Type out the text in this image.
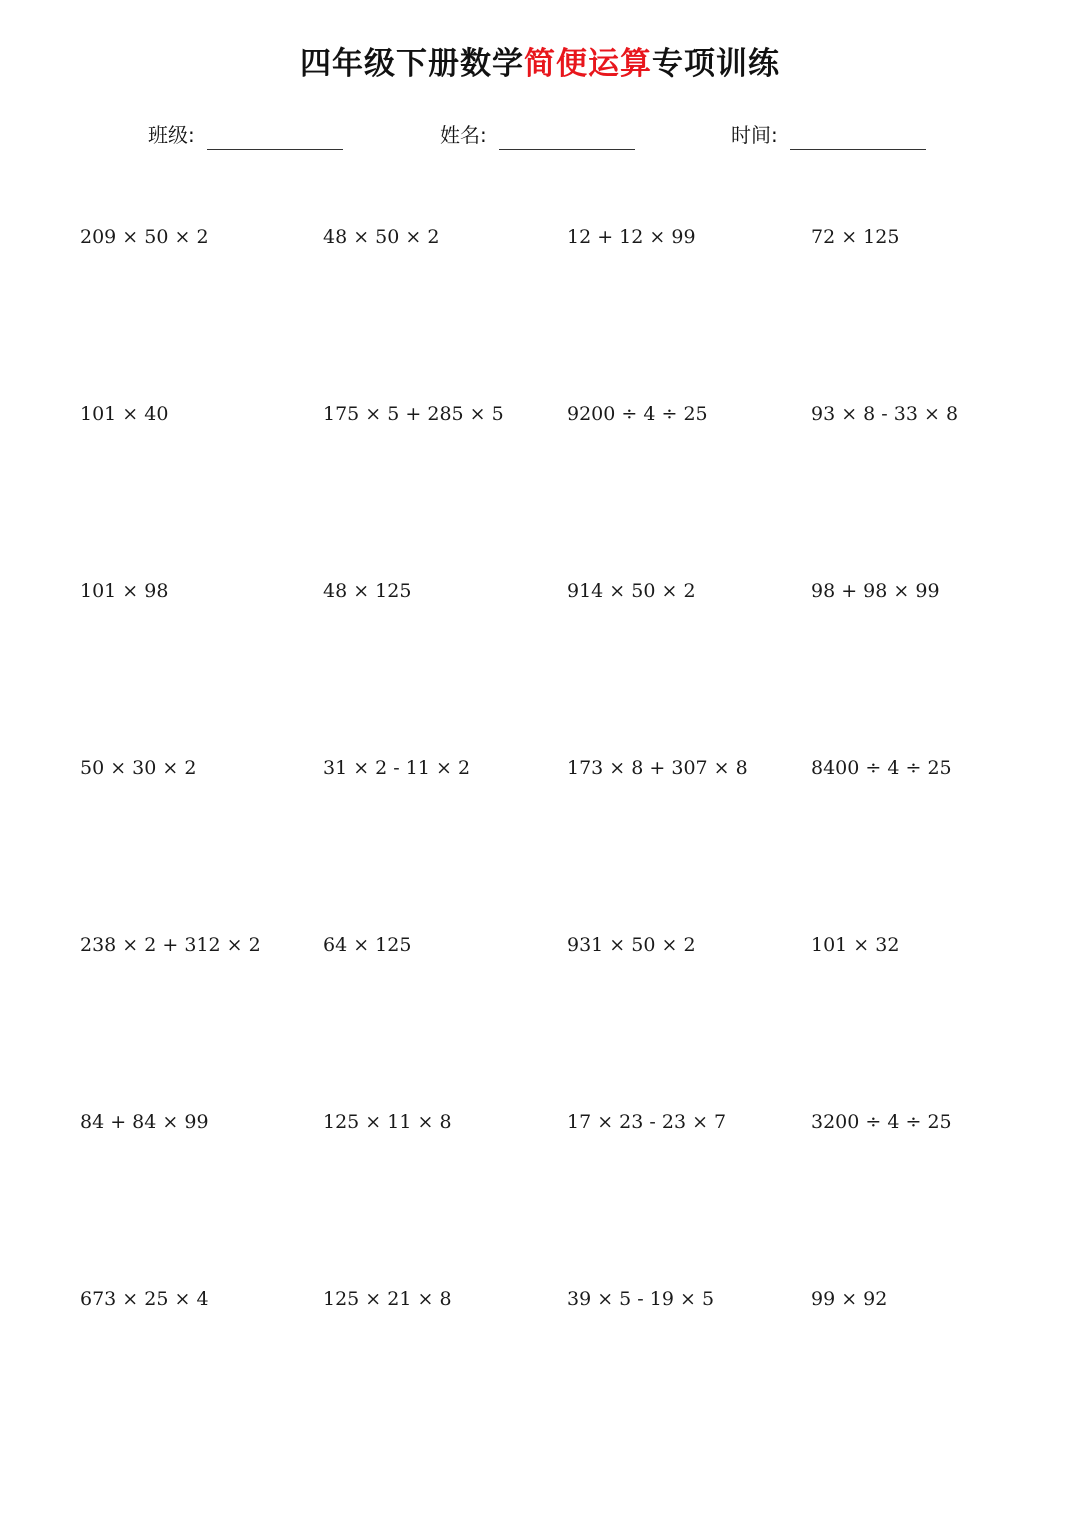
四年级下册数学简便运算专项训练
班级:	姓名:	时间:
209 × 50 × 2	48 × 50 × 2	12 + 12 × 99	72 × 125
101 × 40	175 × 5 + 285 × 5	9200 ÷ 4 ÷ 25	93 × 8 - 33 × 8
101 × 98	48 × 125	914 × 50 × 2	98 + 98 × 99
50 × 30 × 2	31 × 2 - 11 × 2	173 × 8 + 307 × 8	8400 ÷ 4 ÷ 25
238 × 2 + 312 × 2	64 × 125	931 × 50 × 2	101 × 32
84 + 84 × 99	125 × 11 × 8	17 × 23 - 23 × 7	3200 ÷ 4 ÷ 25
673 × 25 × 4	125 × 21 × 8	39 × 5 - 19 × 5	99 × 92
